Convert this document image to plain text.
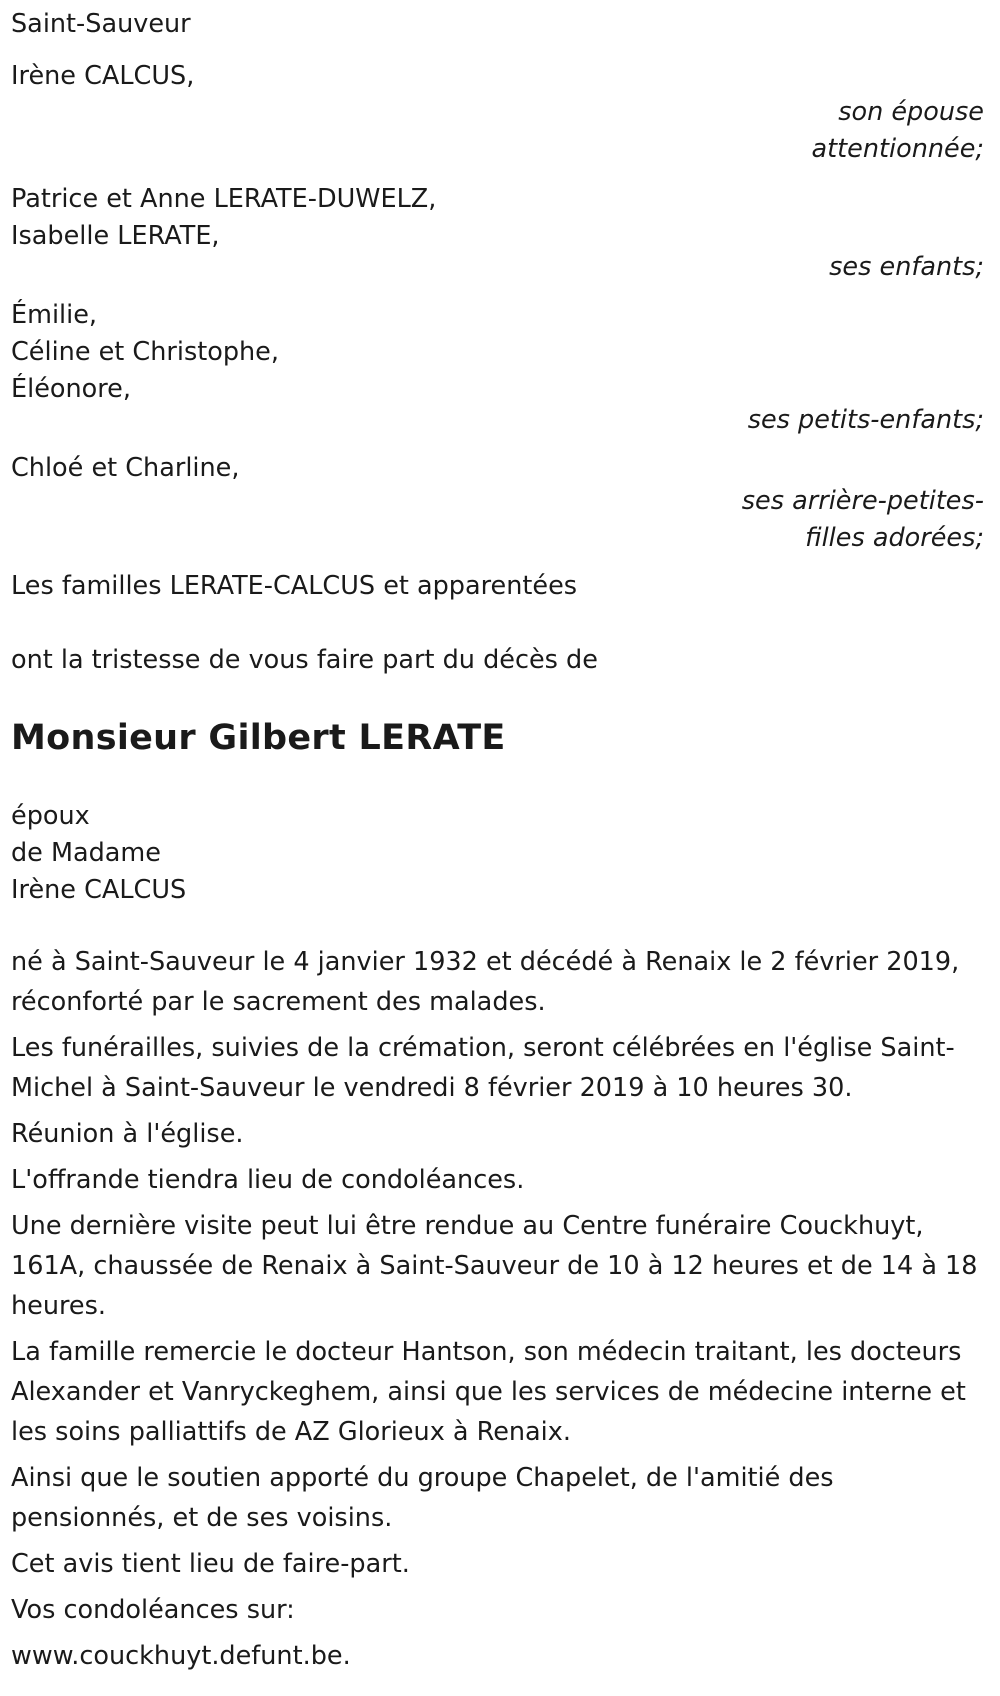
Saint-Sauveur
Irène CALCUS,
son épouse
attentionnée;
Patrice et Anne LERATE-DUWELZ,
Isabelle LERATE,
ses enfants;
Émilie,
Céline et Christophe,
Éléonore,
ses petits-enfants;
Chloé et Charline,
ses arrière-petites-
filles adorées;
Les familles LERATE-CALCUS et apparentées
ont la tristesse de vous faire part du décès de
Monsieur Gilbert LERATE
époux
de Madame
Irène CALCUS
né à Saint-Sauveur le 4 janvier 1932 et décédé à Renaix le 2 février 2019, réconforté par le sacrement des malades.
Les funérailles, suivies de la crémation, seront célébrées en l'église Saint-Michel à Saint-Sauveur le vendredi 8 février 2019 à 10 heures 30.
Réunion à l'église.
L'offrande tiendra lieu de condoléances.
Une dernière visite peut lui être rendue au Centre funéraire Couckhuyt, 161A, chaussée de Renaix à Saint-Sauveur de 10 à 12 heures et de 14 à 18 heures.
La famille remercie le docteur Hantson, son médecin traitant, les docteurs Alexander et Vanryckeghem, ainsi que les services de médecine interne et les soins palliattifs de AZ Glorieux à Renaix.
Ainsi que le soutien apporté du groupe Chapelet, de l'amitié des pensionnés, et de ses voisins.
Cet avis tient lieu de faire-part.
Vos condoléances sur:
www.couckhuyt.defunt.be.
